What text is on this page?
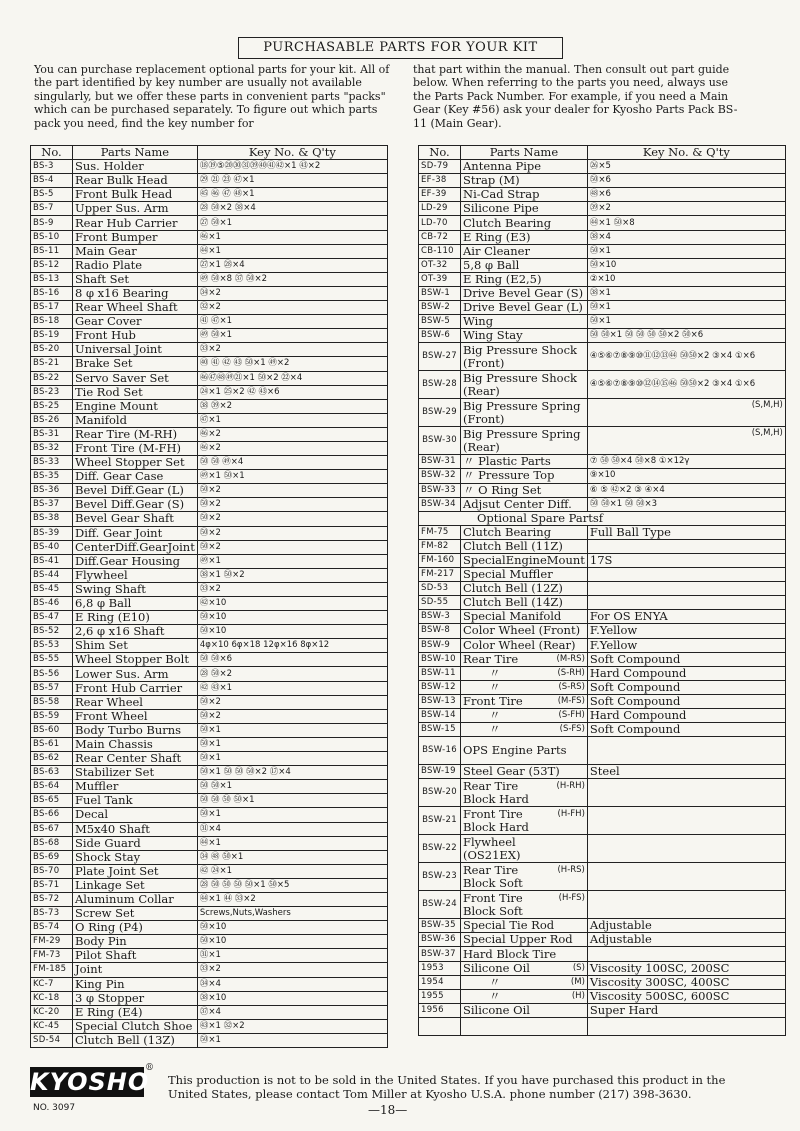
PURCHASABLE PARTS FOR YOUR KIT

You can purchase replacement optional parts for your kit. All of the part identified by key number are usually not available singularly, but we offer these parts in convenient parts "packs" which can be purchased separately. To figure out which parts pack you need, find the key number for

that part within the manual. Then consult out part guide below. When referring to the parts you need, always use the Parts Pack Number. For example, if you need a Main Gear (Key #56) ask your dealer for Kyosho Parts Pack BS-11 (Main Gear).

No.	Parts Name	Key No. & Q'ty
BS-3	Sus. Holder	⑱⑲⑤⑳㉚㉛㊴㊵㊶㊷×1 ㊸×2
BS-4	Rear Bulk Head	㉙ ㉑ ㉓ ㊼×1
BS-5	Front Bulk Head	㊺ ㊻ ㊼ ㊽×1
BS-7	Upper Sus. Arm	㉘ ㊿×2 ㊳×4
BS-9	Rear Hub Carrier	㉗ ㊿×1
BS-10	Front Bumper	㊻×1
BS-11	Main Gear	㊹×1
BS-12	Radio Plate	㉗×1 ㉘×4
BS-13	Shaft Set	㊾ ㊿×8 ㊲ ㊿×2
BS-16	8 φ x16 Bearing	㉞×2
BS-17	Rear Wheel Shaft	㉜×2
BS-18	Gear Cover	㊶ ㊼×1
BS-19	Front Hub	㊾ ㊿×1
BS-20	Universal Joint	㉝×2
BS-21	Brake Set	㊵ ㊶ ㊷ ㊸ ㊿×1 ㊾×2
BS-22	Servo Saver Set	㊻㊼㊽㊾㉑×1 ㊿×2 ㉒×4
BS-23	Tie Rod Set	㉔×1 ㉕×2 ㊷ ㊸×6
BS-25	Engine Mount	㊳ ㊴×2
BS-26	Manifold	㊼×1
BS-31	Rear Tire (M-RH)	㊻×2
BS-32	Front Tire (M-FH)	㊻×2
BS-33	Wheel Stopper Set	㊿ ㊿ ㊾×4
BS-35	Diff. Gear Case	㊾×1 ㊿×1
BS-36	Bevel Diff.Gear (L)	㊿×2
BS-37	Bevel Diff.Gear (S)	㊿×2
BS-38	Bevel Gear Shaft	㊿×2
BS-39	Diff. Gear Joint	㊿×2
BS-40	CenterDiff.GearJoint	㊿×2
BS-41	Diff.Gear Housing	㊾×1
BS-44	Flywheel	㊳×1 ㊿×2
BS-45	Swing Shaft	㉝×2
BS-46	6,8 φ Ball	㊷×10
BS-47	E Ring (E10)	㊿×10
BS-52	2,6 φ x16 Shaft	㊿×10
BS-53	Shim Set	4φ×10 6φ×18 12φ×16 8φ×12
BS-55	Wheel Stopper Bolt	㊿ ㊿×6
BS-56	Lower Sus. Arm	㉘ ㊿×2
BS-57	Front Hub Carrier	㊷ ㊸×1
BS-58	Rear Wheel	㊿×2
BS-59	Front Wheel	㊿×2
BS-60	Body Turbo Burns	㊿×1
BS-61	Main Chassis	㊿×1
BS-62	Rear Center Shaft	㊿×1
BS-63	Stabilizer Set	㊿×1 ㊿ ㊿ ㊿×2 ⑰×4
BS-64	Muffler	㊿ ㊿×1
BS-65	Fuel Tank	㊿ ㊿ ㊿ ㊿×1
BS-66	Decal	㊿×1
BS-67	M5x40 Shaft	㉛×4
BS-68	Side Guard	㊹×1
BS-69	Shock Stay	㉞ ㊽ ㊿×1
BS-70	Plate Joint Set	㊷ ㉔×1
BS-71	Linkage Set	㉘ ㊿ ㊿ ㊿ ㊿×1 ㊿×5
BS-72	Aluminum Collar	㊹×1 ㊹ ㉝×2
BS-73	Screw Set	Screws,Nuts,Washers
BS-74	O Ring (P4)	㊿×10
FM-29	Body Pin	㊿×10
FM-73	Pilot Shaft	㉛×1
FM-185	Joint	㉝×2
KC-7	King Pin	㉞×4
KC-18	3 φ Stopper	㊳×10
KC-20	E Ring (E4)	㊲×4
KC-45	Special Clutch Shoe	㊸×1 ㉜×2
SD-54	Clutch Bell (13Z)	㊿×1
No.	Parts Name	Key No. & Q'ty
SD-79	Antenna Pipe	㉖×5
EF-38	Strap (M)	㊿×6
EF-39	Ni-Cad Strap	㊽×6
LD-29	Silicone Pipe	㊴×2
LD-70	Clutch Bearing	㊹×1 ㊿×8
CB-72	E Ring (E3)	㊳×4
CB-110	Air Cleaner	㊿×1
OT-32	5,8 φ Ball	㊿×10
OT-39	E Ring (E2,5)	②×10
BSW-1	Drive Bevel Gear (S)	㊳×1
BSW-2	Drive Bevel Gear (L)	㊿×1
BSW-5	Wing	㊿×1
BSW-6	Wing Stay	㊿ ㊿×1 ㊿ ㊿ ㊿ ㊿×2 ㊿×6
BSW-27	Big Pressure Shock (Front)	④⑤⑥⑦⑧⑨⑩⑪⑫⑬㊹ ㊿㊿×2 ③×4 ①×6
BSW-28	Big Pressure Shock (Rear)	④⑤⑥⑦⑧⑨⑩⑫⑭⑮㊻ ㊿㊿×2 ③×4 ①×6
BSW-29	Big Pressure Spring (Front)	(S,M,H)
BSW-30	Big Pressure Spring (Rear)	(S,M,H)
BSW-31	〃 Plastic Parts	⑦ ㊿ ㊿×4 ㊿×8 ①×12γ
BSW-32	〃 Pressure Top	⑨×10
BSW-33	〃 O Ring Set	⑥ ⑤ ㊷×2 ③ ④×4
BSW-34	Adjsut Center Diff.	㊿ ㊿×1 ㊿ ㊿×3
Optional Spare Partsf		
FM-75	Clutch Bearing	Full Ball Type
FM-82	Clutch Bell (11Z)	
FM-160	SpecialEngineMount	17S
FM-217	Special Muffler	
SD-53	Clutch Bell (12Z)	
SD-55	Clutch Bell (14Z)	
BSW-3	Special Manifold	For OS ENYA
BSW-8	Color Wheel (Front)	F.Yellow
BSW-9	Color Wheel (Rear)	F.Yellow
BSW-10	Rear Tire (M-RS)	Soft Compound
BSW-11	〃 (S-RH)	Hard Compound
BSW-12	〃 (S-RS)	Soft Compound
BSW-13	Front Tire (M-FS)	Soft Compound
BSW-14	〃 (S-FH)	Hard Compound
BSW-15	〃 (S-FS)	Soft Compound
BSW-16	OPS Engine Parts	
BSW-19	Steel Gear (53T)	Steel
BSW-20	Rear Tire (H-RH)
Block Hard	

BSW-21	Front Tire (H-FH)
Block Hard	

BSW-22	Flywheel
(OS21EX)	

BSW-23	Rear Tire (H-RS)
Block Soft	

BSW-24	Front Tire (H-FS)
Block Soft	

BSW-35	Special Tie Rod	Adjustable
BSW-36	Special Upper Rod	Adjustable
BSW-37	Hard Block Tire	
1953	Silicone Oil (S)	Viscosity 100SC, 200SC
1954	〃 (M)	Viscosity 300SC, 400SC
1955	〃 (H)	Viscosity 500SC, 600SC
1956	Silicone Oil	Super Hard

KYOSHO
®
NO. 3097
This production is not to be sold in the United States. If you have purchased this product in the United States, please contact Tom Miller at Kyosho U.S.A. phone number (217) 398-3630.
—18—
